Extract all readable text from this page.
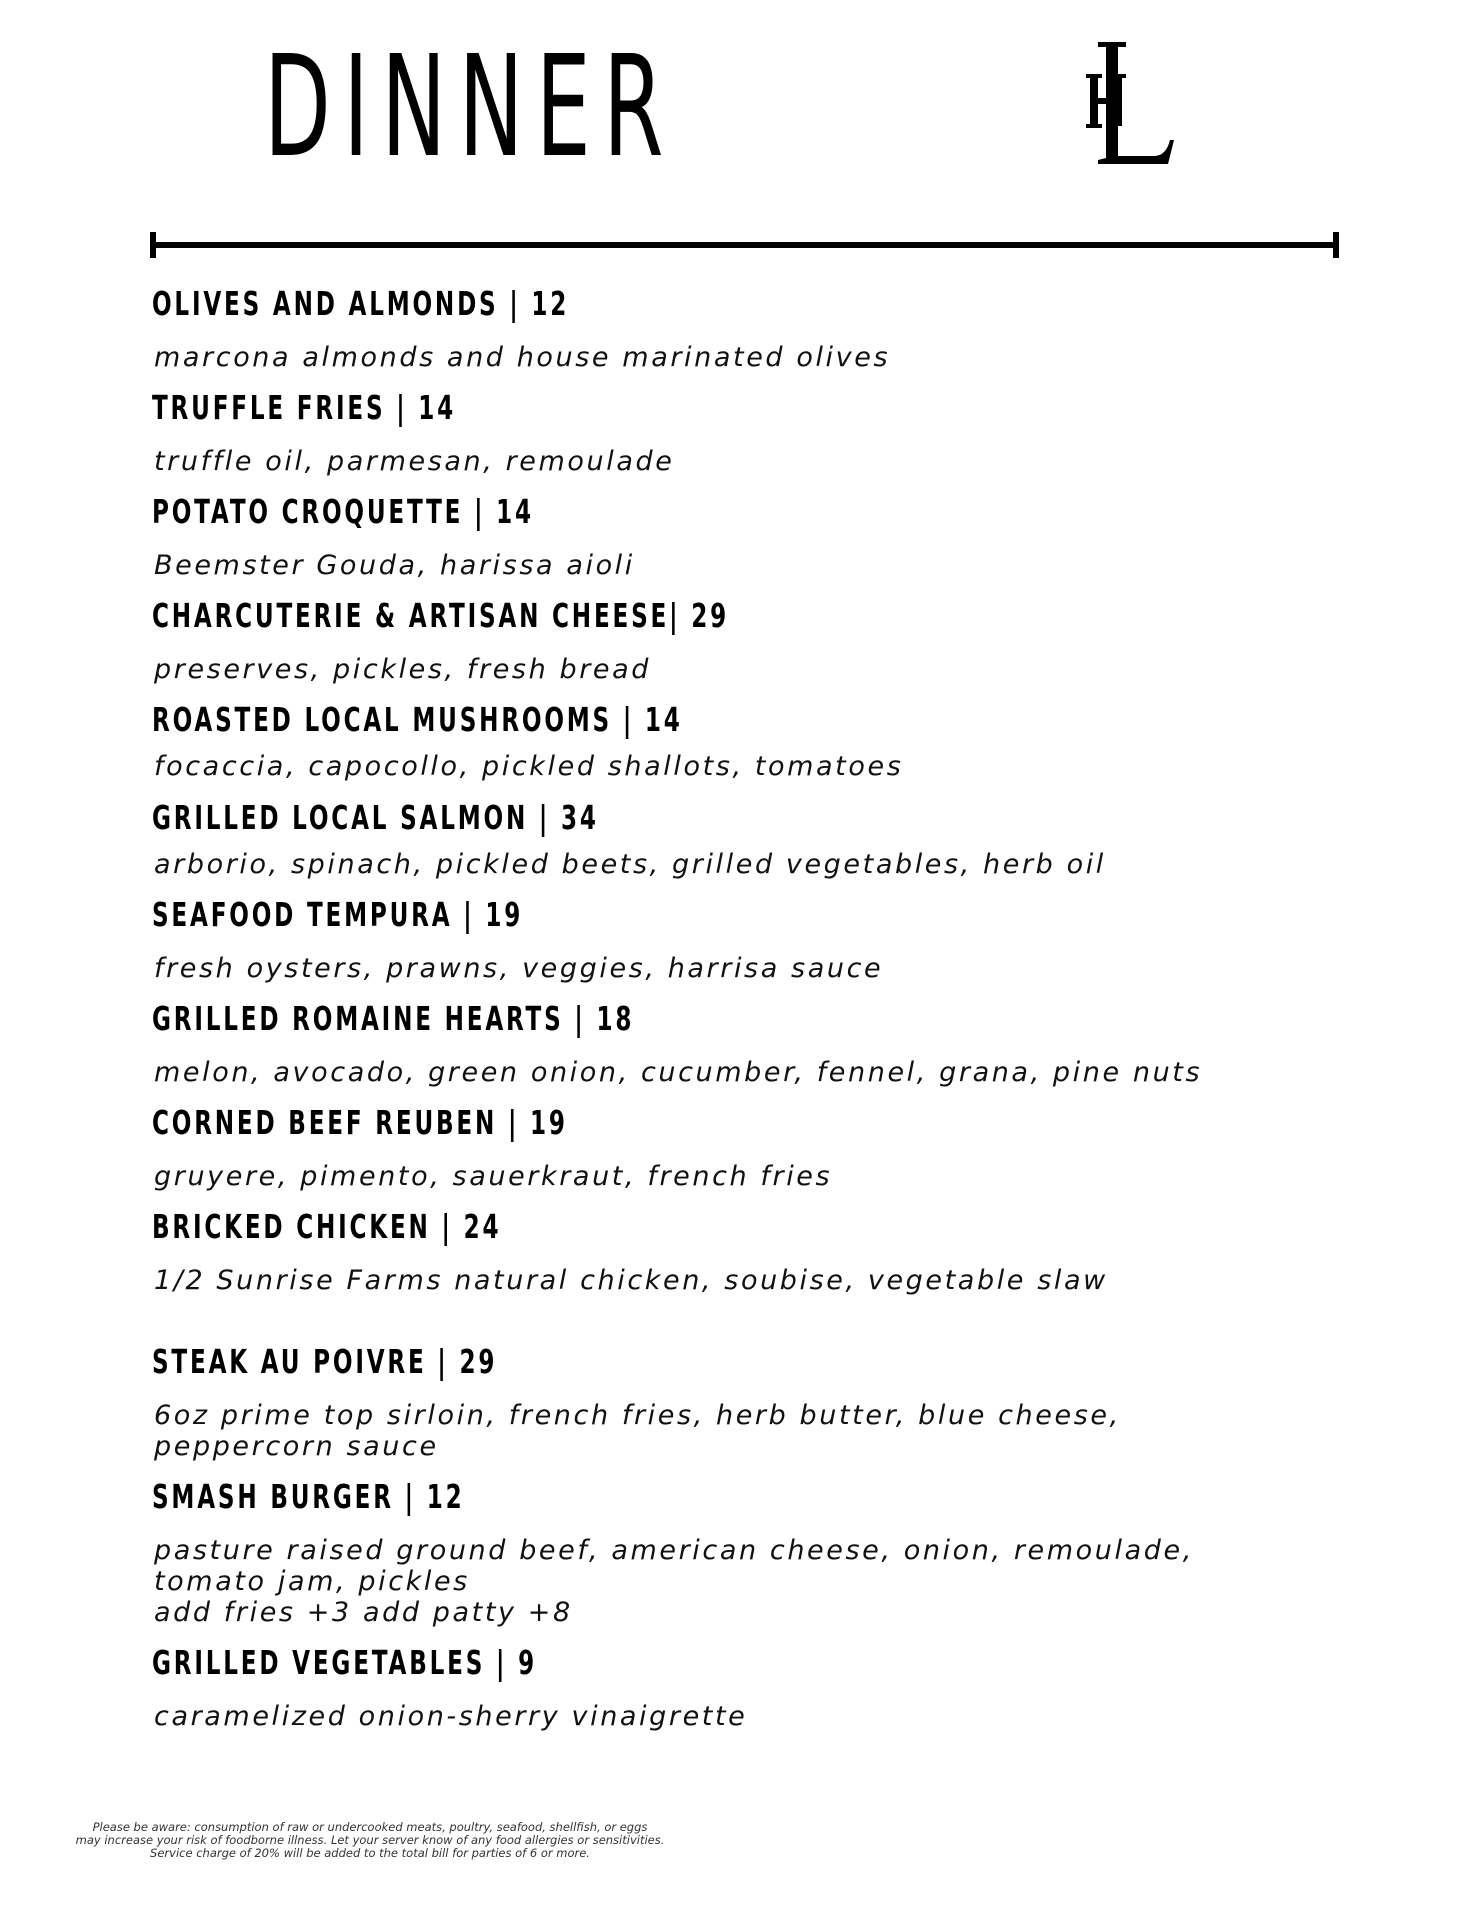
DINNER
OLIVES AND ALMONDS | 12
marcona almonds and house marinated olives
TRUFFLE FRIES | 14
truffle oil, parmesan, remoulade
POTATO CROQUETTE | 14
Beemster Gouda, harissa aioli
CHARCUTERIE & ARTISAN CHEESE| 29
preserves, pickles, fresh bread
ROASTED LOCAL MUSHROOMS | 14
focaccia, capocollo, pickled shallots, tomatoes
GRILLED LOCAL SALMON | 34
arborio, spinach, pickled beets, grilled vegetables, herb oil
SEAFOOD TEMPURA | 19
fresh oysters, prawns, veggies, harrisa sauce
GRILLED ROMAINE HEARTS | 18
melon, avocado, green onion, cucumber, fennel, grana, pine nuts
CORNED BEEF REUBEN | 19
gruyere, pimento, sauerkraut, french fries
BRICKED CHICKEN | 24
1/2 Sunrise Farms natural chicken, soubise, vegetable slaw
STEAK AU POIVRE | 29
6oz prime top sirloin, french fries, herb butter, blue cheese,
peppercorn sauce
SMASH BURGER | 12
pasture raised ground beef, american cheese, onion, remoulade,
tomato jam, pickles
add fries +3 add patty +8
GRILLED VEGETABLES | 9
caramelized onion-sherry vinaigrette
Please be aware: consumption of raw or undercooked meats, poultry, seafood, shellfish, or eggs
may increase your risk of foodborne illness. Let your server know of any food allergies or sensitivities.
Service charge of 20% will be added to the total bill for parties of 6 or more.
